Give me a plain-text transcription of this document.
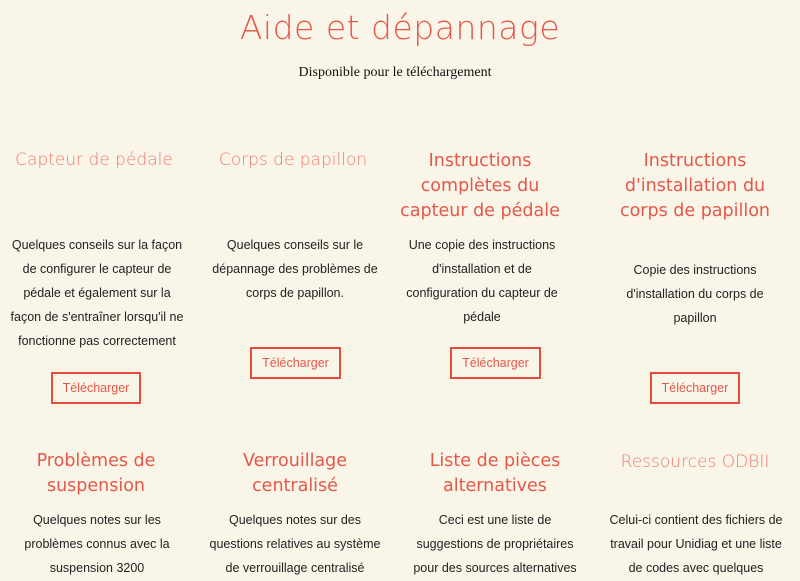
Aide et dépannage
Disponible pour le téléchargement
Capteur de pédale
Quelques conseils sur la façon
de configurer le capteur de
pédale et également sur la
façon de s'entraîner lorsqu'il ne
fonctionne pas correctement
Télécharger
Corps de papillon
Quelques conseils sur le
dépannage des problèmes de
corps de papillon.
Télécharger
Instructions
complètes du
capteur de pédale
Une copie des instructions
d'installation et de
configuration du capteur de
pédale
Télécharger
Instructions
d'installation du
corps de papillon
Copie des instructions
d'installation du corps de
papillon
Télécharger
Problèmes de
suspension
Quelques notes sur les
problèmes connus avec la
suspension 3200
Verrouillage
centralisé
Quelques notes sur des
questions relatives au système
de verrouillage centralisé
Liste de pièces
alternatives
Ceci est une liste de
suggestions de propriétaires
pour des sources alternatives
Ressources ODBII
Celui-ci contient des fichiers de
travail pour Unidiag et une liste
de codes avec quelques
